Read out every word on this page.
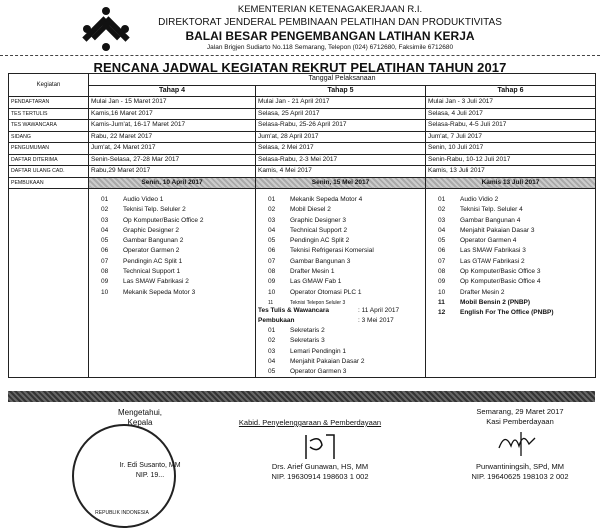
KEMENTERIAN KETENAGAKERJAAN R.I.
DIREKTORAT JENDERAL PEMBINAAN PELATIHAN DAN PRODUKTIVITAS
BALAI BESAR PENGEMBANGAN LATIHAN KERJA
Jalan Brigjen Sudiarto No.118 Semarang, Telepon (024) 6712680, Faksimile 6712680
RENCANA JADWAL KEGIATAN REKRUT PELATIHAN TAHUN 2017
Kegiatan	Tanggal Pelaksanaan		
	Tahap 4	Tahap 5	Tahap 6
PENDAFTARAN	Mulai Jan - 15 Maret 2017	Mulai Jan - 21 April 2017	Mulai Jan - 3 Juli 2017
TES TERTULIS	Kamis,16 Maret 2017	Selasa, 25 April 2017	Selasa, 4 Juli 2017
TES WAWANCARA	Kamis-Jum'at, 16-17 Maret 2017	Selasa-Rabu, 25-26 April 2017	Selasa-Rabu, 4-5 Juli 2017
SIDANG	Rabu, 22 Maret 2017	Jum'at, 28 April 2017	Jum'at, 7 Juli 2017
PENGUMUMAN	Jum'at, 24 Maret 2017	Selasa, 2 Mei 2017	Senin, 10 Juli 2017
DAFTAR DITERIMA	Senin-Selasa, 27-28 Mar 2017	Selasa-Rabu, 2-3 Mei 2017	Senin-Rabu, 10-12 Juli 2017
DAFTAR ULANG CAD.	Rabu,29 Maret 2017	Kamis, 4 Mei 2017	Kamis, 13 Juli 2017
PEMBUKAAN	Senin, 10 April 2017	Senin, 15 Mei 2017	Kamis 13 Juli 2017

01	Audio Video 1
02	Teknisi Telp. Seluler 2
03	Op Komputer/Basic Office 2
04	Graphic Designer 2
05	Gambar Bangunan 2
06	Operator Garmen 2
07	Pendingin AC Split 1
08	Technical Support 1
09	Las SMAW Fabrikasi 2
10	Mekanik Sepeda Motor 3

01	Mekanik Sepeda Motor 4
02	Mobil Diesel 2
03	Graphic Designer 3
04	Technical Support 2
05	Pendingin AC Split 2
06	Teknisi Refrigerasi Komersial
07	Gambar Bangunan 3
08	Drafter Mesin 1
09	Las GMAW Fab 1
10	Operator Otomasi PLC 1
11	Teknisi Telepon Seluler 3
Tes Tulis & Wawancara	: 11 April 2017
Pembukaan	: 3 Mei 2017
01	Sekretaris 2
02	Sekretaris 3
03	Lemari Pendingin 1
04	Menjahit Pakaian Dasar 2
05	Operator Garmen 3

01	Audio Vidio 2
02	Teknisi Telp. Seluler 4
03	Gambar Bangunan 4
04	Menjahit Pakaian Dasar 3
05	Operator Garmen 4
06	Las SMAW Fabrikasi 3
07	Las GTAW Fabrikasi 2
08	Op Komputer/Basic Office 3
09	Op Komputer/Basic Office 4
10	Drafter Mesin 2
11	Mobil Bensin 2 (PNBP)
12	English For The Office (PNBP)
Mengetahui,
Kepala
Ir. Edi Susanto, MM
NIP. 19...
REPUBLIK INDONESIA
Kabid. Penyelenggaraan & Pemberdayaan
Drs. Arief Gunawan, HS, MM
NIP. 19630914 198603 1 002
Semarang, 29 Maret 2017
Kasi Pemberdayaan
Purwantiningsih, SPd, MM
NIP. 19640625 198103 2 002
